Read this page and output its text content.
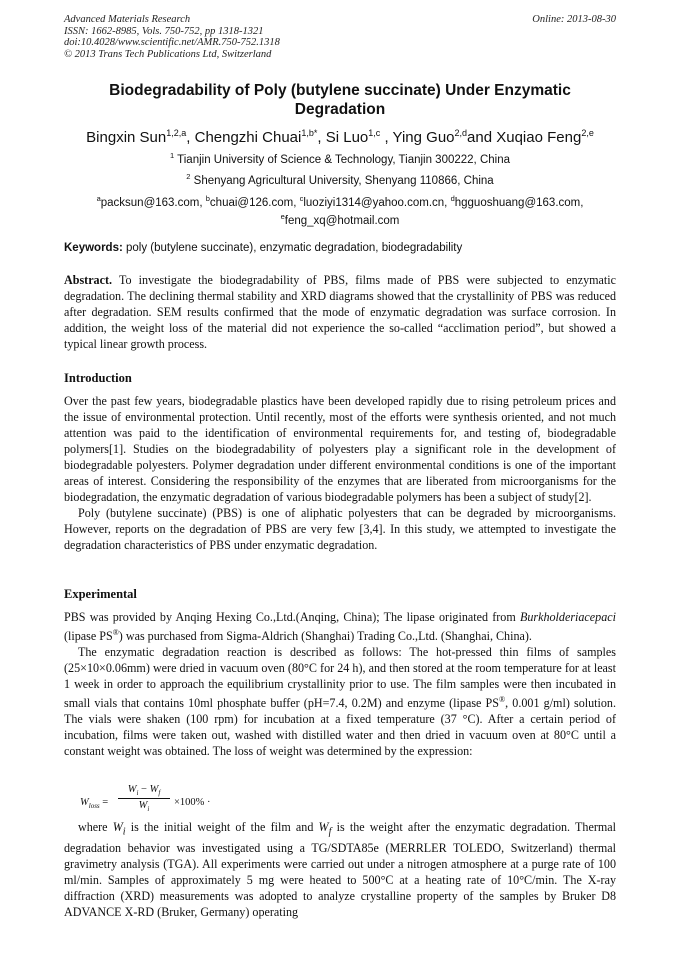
Advanced Materials Research
ISSN: 1662-8985, Vols. 750-752, pp 1318-1321
doi:10.4028/www.scientific.net/AMR.750-752.1318
© 2013 Trans Tech Publications Ltd, Switzerland
Online: 2013-08-30
Biodegradability of Poly (butylene succinate) Under Enzymatic Degradation
Bingxin Sun$^{1,2,a}$, Chengzhi Chuai$^{1,b*}$, Si Luo$^{1,c}$ , Ying Guo$^{2,d}$and Xuqiao Feng$^{2,e}$
$^1$ Tianjin University of Science & Technology, Tianjin 300222, China
$^2$ Shenyang Agricultural University, Shenyang 110866, China
$^a$packsun@163.com, $^b$chuai@126.com, $^c$luoziyi1314@yahoo.com.cn, $^d$hgguoshuang@163.com,
$^e$feng_xq@hotmail.com
Keywords: poly (butylene succinate), enzymatic degradation, biodegradability
Abstract. To investigate the biodegradability of PBS, films made of PBS were subjected to enzymatic degradation. The declining thermal stability and XRD diagrams showed that the crystallinity of PBS was reduced after degradation. SEM results confirmed that the mode of enzymatic degradation was surface corrosion. In addition, the weight loss of the material did not experience the so-called “acclimation period”, but showed a typical linear growth process.
Introduction
Over the past few years, biodegradable plastics have been developed rapidly due to rising petroleum prices and the issue of environmental protection. Until recently, most of the efforts were synthesis oriented, and not much attention was paid to the identification of environmental requirements for, and testing of, biodegradable polymers[1]. Studies on the biodegradability of polyesters play a significant role in the development of biodegradable polyesters. Polymer degradation under different environmental conditions is one of the important areas of interest. Considering the responsibility of the enzymes that are liberated from microorganisms for the biodegradation, the enzymatic degradation of various biodegradable polymers has been a subject of study[2].
Poly (butylene succinate) (PBS) is one of aliphatic polyesters that can be degraded by microorganisms. However, reports on the degradation of PBS are very few [3,4]. In this study, we attempted to investigate the degradation characteristics of PBS under enzymatic degradation.
Experimental
PBS was provided by Anqing Hexing Co.,Ltd.(Anqing, China); The lipase originated from Burkholderiacepaci (lipase PS®) was purchased from Sigma-Aldrich (Shanghai) Trading Co.,Ltd. (Shanghai, China).
The enzymatic degradation reaction is described as follows: The hot-pressed thin films of samples (25×10×0.06mm) were dried in vacuum oven (80°C for 24 h), and then stored at the room temperature for at least 1 week in order to approach the equilibrium crystallinity prior to use. The film samples were then incubated in small vials that contains 10ml phosphate buffer (pH=7.4, 0.2M) and enzyme (lipase PS®, 0.001 g/ml) solution. The vials were shaken (100 rpm) for incubation at a fixed temperature (37 °C). After a certain period of incubation, films were taken out, washed with distilled water and then dried in vacuum oven at 80°C until a constant weight was obtained. The loss of weight was determined by the expression:
$W_{loss} = \frac{W_i - W_f}{W_i} \times 100\%$ ·
where $W_i$ is the initial weight of the film and $W_f$ is the weight after the enzymatic degradation. Thermal degradation behavior was investigated using a TG/SDTA85e (MERRLER TOLEDO, Switzerland) thermal gravimetry analysis (TGA). All experiments were carried out under a nitrogen atmosphere at a purge rate of 100 ml/min. Samples of approximately 5 mg were heated to 500°C at a heating rate of 10°C/min. The X-ray diffraction (XRD) measurements was adopted to analyze crystalline property of the samples by Bruker D8 ADVANCE X-RD (Bruker, Germany) operating
